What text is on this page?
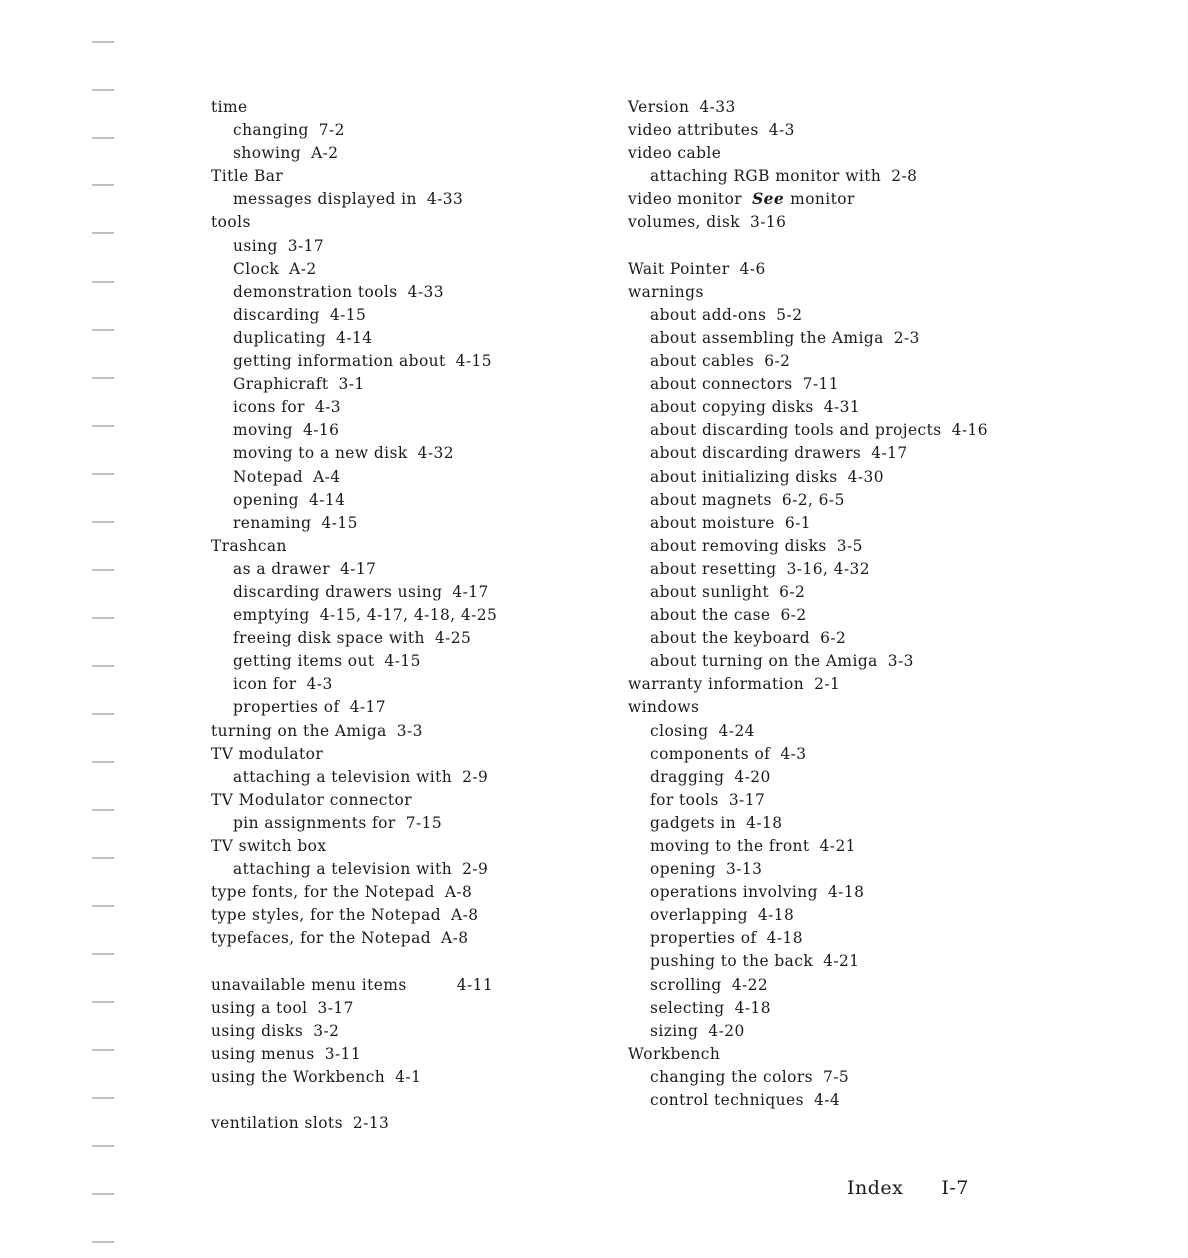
time
changing 7-2
showing A-2
Title Bar
messages displayed in 4-33
tools
using 3-17
Clock A-2
demonstration tools 4-33
discarding 4-15
duplicating 4-14
getting information about 4-15
Graphicraft 3-1
icons for 4-3
moving 4-16
moving to a new disk 4-32
Notepad A-4
opening 4-14
renaming 4-15
Trashcan
as a drawer 4-17
discarding drawers using 4-17
emptying 4-15, 4-17, 4-18, 4-25
freeing disk space with 4-25
getting items out 4-15
icon for 4-3
properties of 4-17
turning on the Amiga 3-3
TV modulator
attaching a television with 2-9
TV Modulator connector
pin assignments for 7-15
TV switch box
attaching a television with 2-9
type fonts, for the Notepad A-8
type styles, for the Notepad A-8
typefaces, for the Notepad A-8
unavailable menu items	4-11
using a tool 3-17
using disks 3-2
using menus 3-11
using the Workbench 4-1
ventilation slots 2-13
Version 4-33
video attributes 4-3
video cable
attaching RGB monitor with 2-8
video monitor See monitor
volumes, disk 3-16
Wait Pointer 4-6
warnings
about add-ons 5-2
about assembling the Amiga 2-3
about cables 6-2
about connectors 7-11
about copying disks 4-31
about discarding tools and projects 4-16
about discarding drawers 4-17
about initializing disks 4-30
about magnets 6-2, 6-5
about moisture 6-1
about removing disks 3-5
about resetting 3-16, 4-32
about sunlight 6-2
about the case 6-2
about the keyboard 6-2
about turning on the Amiga 3-3
warranty information 2-1
windows
closing 4-24
components of 4-3
dragging 4-20
for tools 3-17
gadgets in 4-18
moving to the front 4-21
opening 3-13
operations involving 4-18
overlapping 4-18
properties of 4-18
pushing to the back 4-21
scrolling 4-22
selecting 4-18
sizing 4-20
Workbench
changing the colors 7-5
control techniques 4-4
Index I-7
